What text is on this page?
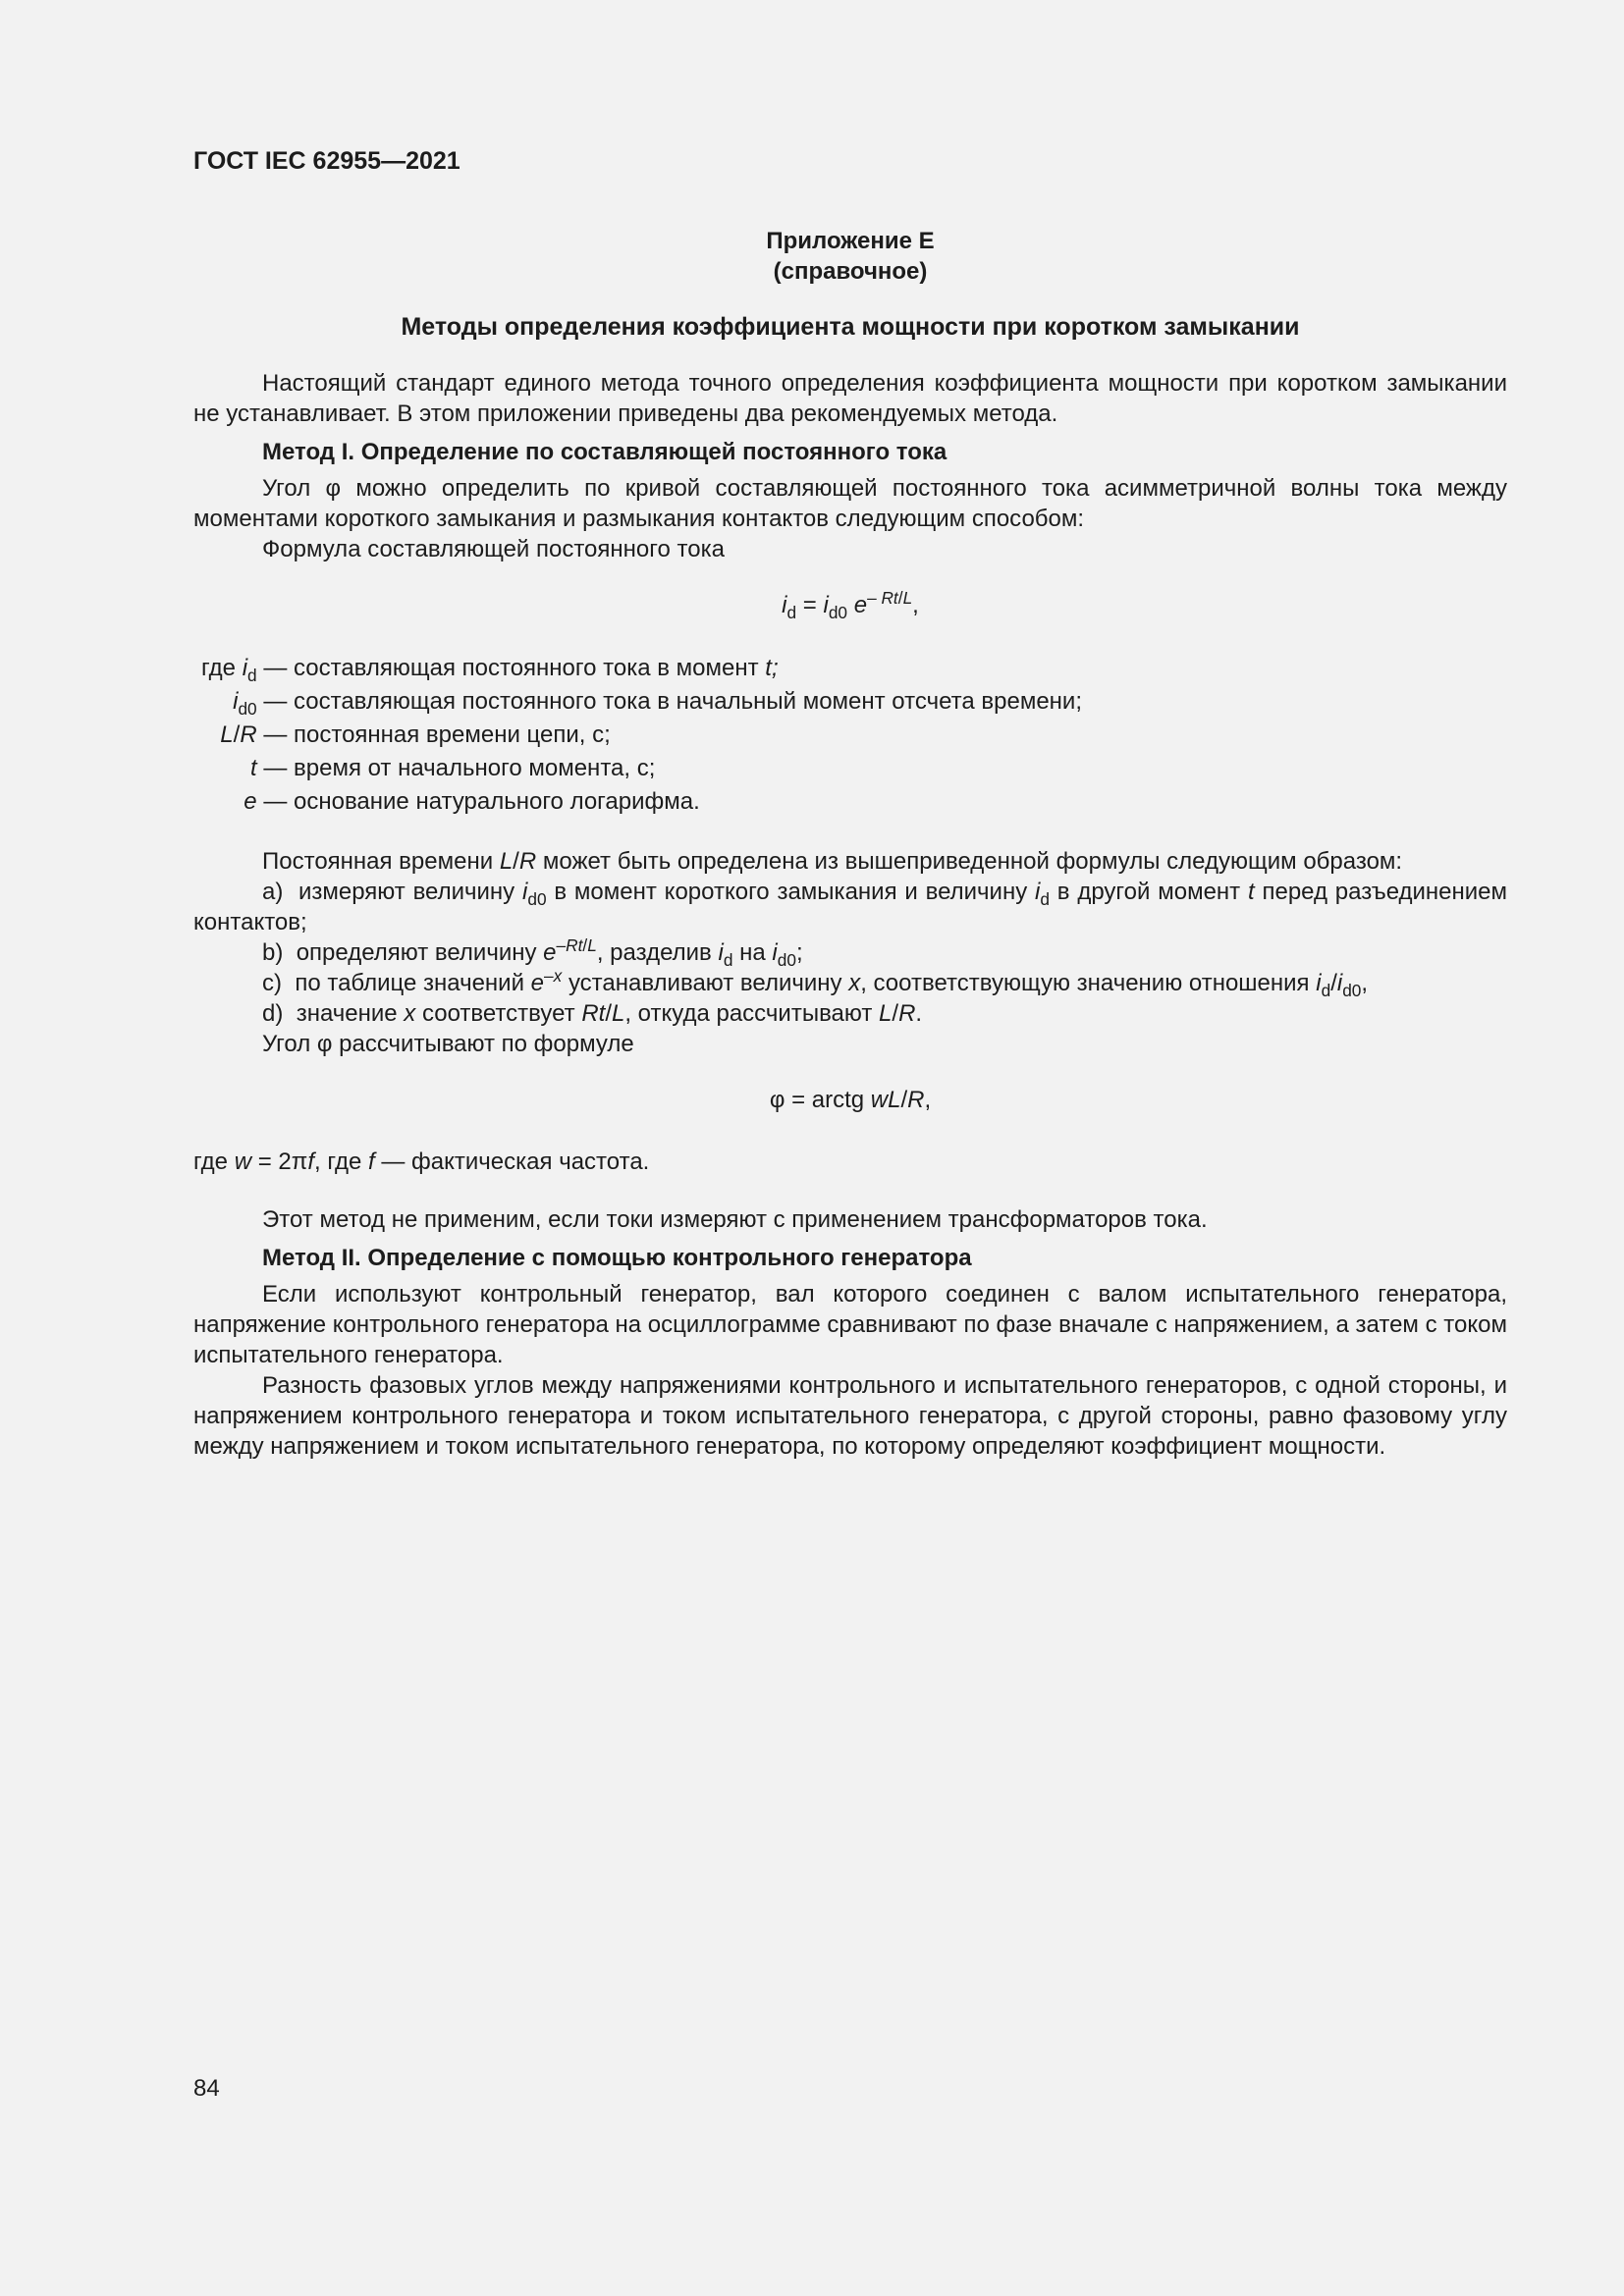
ГОСТ IEC 62955—2021
Приложение Е
(справочное)
Методы определения коэффициента мощности при коротком замыкании

Настоящий стандарт единого метода точного определения коэффициента мощности при коротком замыкании не устанавливает. В этом приложении приведены два рекомендуемых метода.

Метод I. Определение по составляющей постоянного тока

Угол φ можно определить по кривой составляющей постоянного тока асимметричной волны тока между моментами короткого замыкания и размыкания контактов следующим способом:

Формула составляющей постоянного тока

$i_d = i_{d0}$ $e^{- Rt/L}$,
где $i_d$	— составляющая постоянного тока в момент t;
$i_{d0}$	— составляющая постоянного тока в начальный момент отсчета времени;
L/R	— постоянная времени цепи, с;
t	— время от начального момента, с;
e	— основание натурального логарифма.

Постоянная времени L/R может быть определена из вышеприведенной формулы следующим образом:

a) измеряют величину $i_{d0}$ в момент короткого замыкания и величину $i_d$ в другой момент t перед разъединением контактов;

b) определяют величину $e^{-Rt/L}$, разделив $i_d$ на $i_{d0}$;

c) по таблице значений $e^{-x}$ устанавливают величину x, соответствующую значению отношения $i_d/i_{d0}$,

d) значение x соответствует Rt/L, откуда рассчитывают L/R.

Угол φ рассчитывают по формуле

φ = arctg wL/R,

где w = 2πf, где f — фактическая частота.

Этот метод не применим, если токи измеряют с применением трансформаторов тока.

Метод II. Определение с помощью контрольного генератора

Если используют контрольный генератор, вал которого соединен с валом испытательного генератора, напряжение контрольного генератора на осциллограмме сравнивают по фазе вначале с напряжением, а затем с током испытательного генератора.

Разность фазовых углов между напряжениями контрольного и испытательного генераторов, с одной стороны, и напряжением контрольного генератора и током испытательного генератора, с другой стороны, равно фазовому углу между напряжением и током испытательного генератора, по которому определяют коэффициент мощности.

84
